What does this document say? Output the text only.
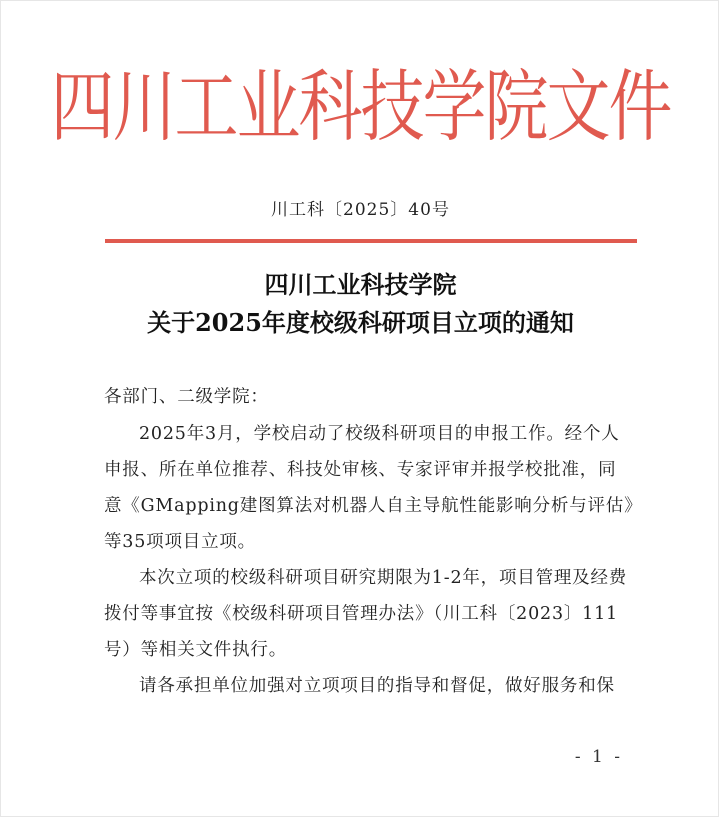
四川工业科技学院文件
川工科〔2025〕40号
四川工业科技学院
关于2025年度校级科研项目立项的通知
各部门、二级学院：
2025年3月，学校启动了校级科研项目的申报工作。经个人申报、所在单位推荐、科技处审核、专家评审并报学校批准，同意《GMapping建图算法对机器人自主导航性能影响分析与评估》等35项项目立项。
本次立项的校级科研项目研究期限为1-2年，项目管理及经费拨付等事宜按《校级科研项目管理办法》（川工科〔2023〕111号）等相关文件执行。
请各承担单位加强对立项项目的指导和督促，做好服务和保
- 1 -
